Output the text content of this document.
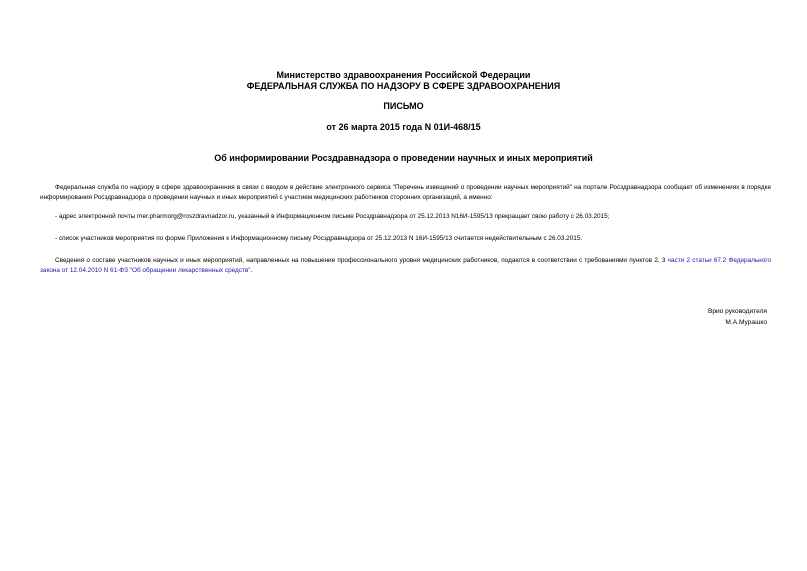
Министерство здравоохранения Российской Федерации
ФЕДЕРАЛЬНАЯ СЛУЖБА ПО НАДЗОРУ В СФЕРЕ ЗДРАВООХРАНЕНИЯ
ПИСЬМО
от 26 марта 2015 года N 01И-468/15
Об информировании Росздравнадзора о проведении научных и иных мероприятий
Федеральная служба по надзору в сфере здравоохранения в связи с вводом в действие электронного сервиса "Перечень извещений о проведении научных мероприятий" на портале Росздравнадзора сообщает об изменениях в порядке информирования Росздравнадзора о проведении научных и иных мероприятий с участием медицинских работников сторонних организаций, а именно:
- адрес электронной почты mer.pharmorg@roszdravnadzor.ru, указанный в Информационном письме Росздравнадзора от 25.12.2013 N16И-1595/13 прекращает свою работу с 26.03.2015;
- список участников мероприятия по форме Приложения к Информационному письму Росздравнадзора от 25.12.2013 N 16И-1595/13 считается недействительным с 26.03.2015.
Сведения о составе участников научных и иных мероприятий, направленных на повышение профессионального уровня медицинских работников, подаются в соответствии с требованиями пунктов 2, 3 части 2 статьи 67.2 Федерального закона от 12.04.2010 N 61-ФЗ "Об обращении лекарственных средств".
Врио руководителя
М.А.Мурашко
